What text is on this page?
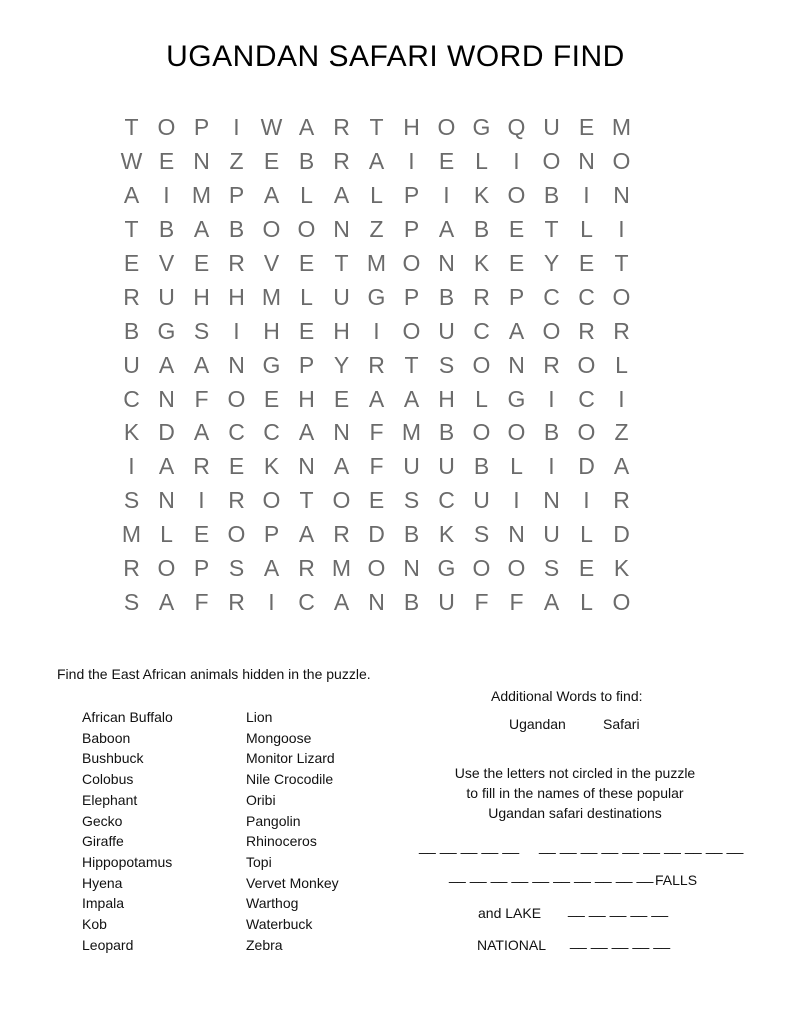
UGANDAN SAFARI WORD FIND
T O P	I W A R T H O G Q U E M
W E N Z E B R A	I	E L	I O N O
A	I M P A L A L P	I	K O B	I	N
T B A B O O N Z P A B E T L	I
E V E R V E T M O N K E Y E T
R U H H M L U G P B R P C C O
B G S	I	H E H	I O U C A O R R
U A A N G P Y R T S O N R O L
C N F O E H E A A H L G I	C	I
K D A C C A N F M B O O B O Z
I	A R E K N A F U U B L	I	D A
S N	I	R O T O E S C U	I	N	I	R
M L E O P A R D B K S N U L D
R O P S A R M O N G O O S E K
S A F R	I	C A N B U F F A L O
Find the East African animals hidden in the puzzle.
African Buffalo
Baboon
Bushbuck
Colobus
Elephant
Gecko
Giraffe
Hippopotamus
Hyena
Impala
Kob
Leopard
Lion
Mongoose
Monitor Lizard
Nile Crocodile
Oribi
Pangolin
Rhinoceros
Topi
Vervet Monkey
Warthog
Waterbuck
Zebra
Additional Words to find:
Ugandan	Safari
Use the letters not circled in the puzzle
to fill in the names of these popular
Ugandan safari destinations
__ __ __ __ __ __ __ __ __ __ __ __ __ __ __
__ __ __ __ __ __ __ __ __ __ FALLS
and LAKE __ __ __ __ __
NATIONAL __ __ __ __ __
